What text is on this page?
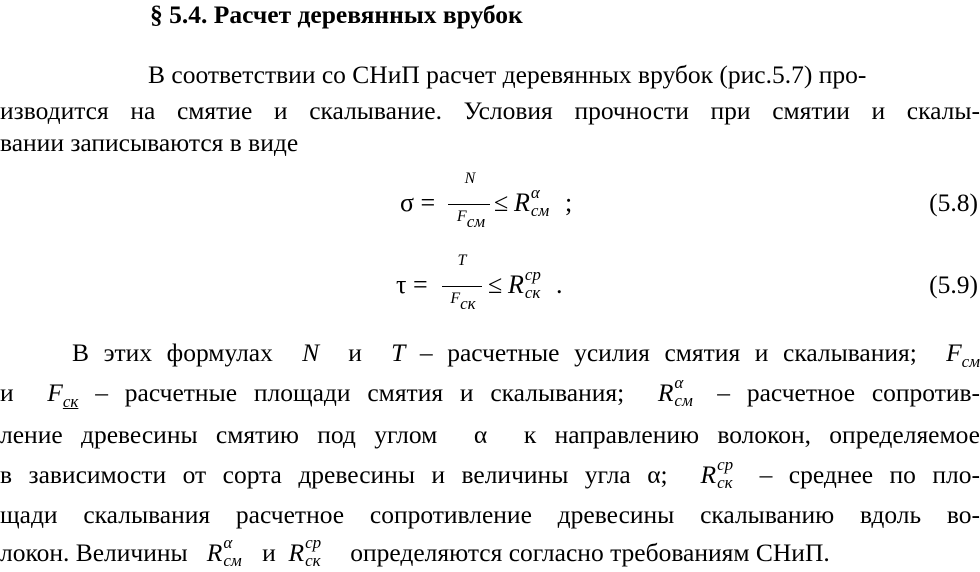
§ 5.4. Расчет деревянных врубок
В соответствии со СНиП расчет деревянных врубок (рис.5.7) про-
изводится на смятие и скалывание. Условия прочности при смятии и скалы-
вании записываются в виде
σ =
N
Fсм
≤ R α
см ;	(5.8)
τ =
T
Fск
≤ R ср
ск .	(5.9)
В этих формулах N и T – расчетные усилия смятия и скалывания; $F_{см}$
и $F_{ск}$ – расчетные площади смятия и скалывания; R α
см – расчетное сопротив-
ление древесины смятию под углом α к направлению волокон, определяемое
в зависимости от сорта древесины и величины угла α; R ср
ск – среднее по пло-
щади скалывания расчетное сопротивление древесины скалыванию вдоль во-
локон. Величины R α
см и R ср
ск определяются согласно требованиям СНиП.
